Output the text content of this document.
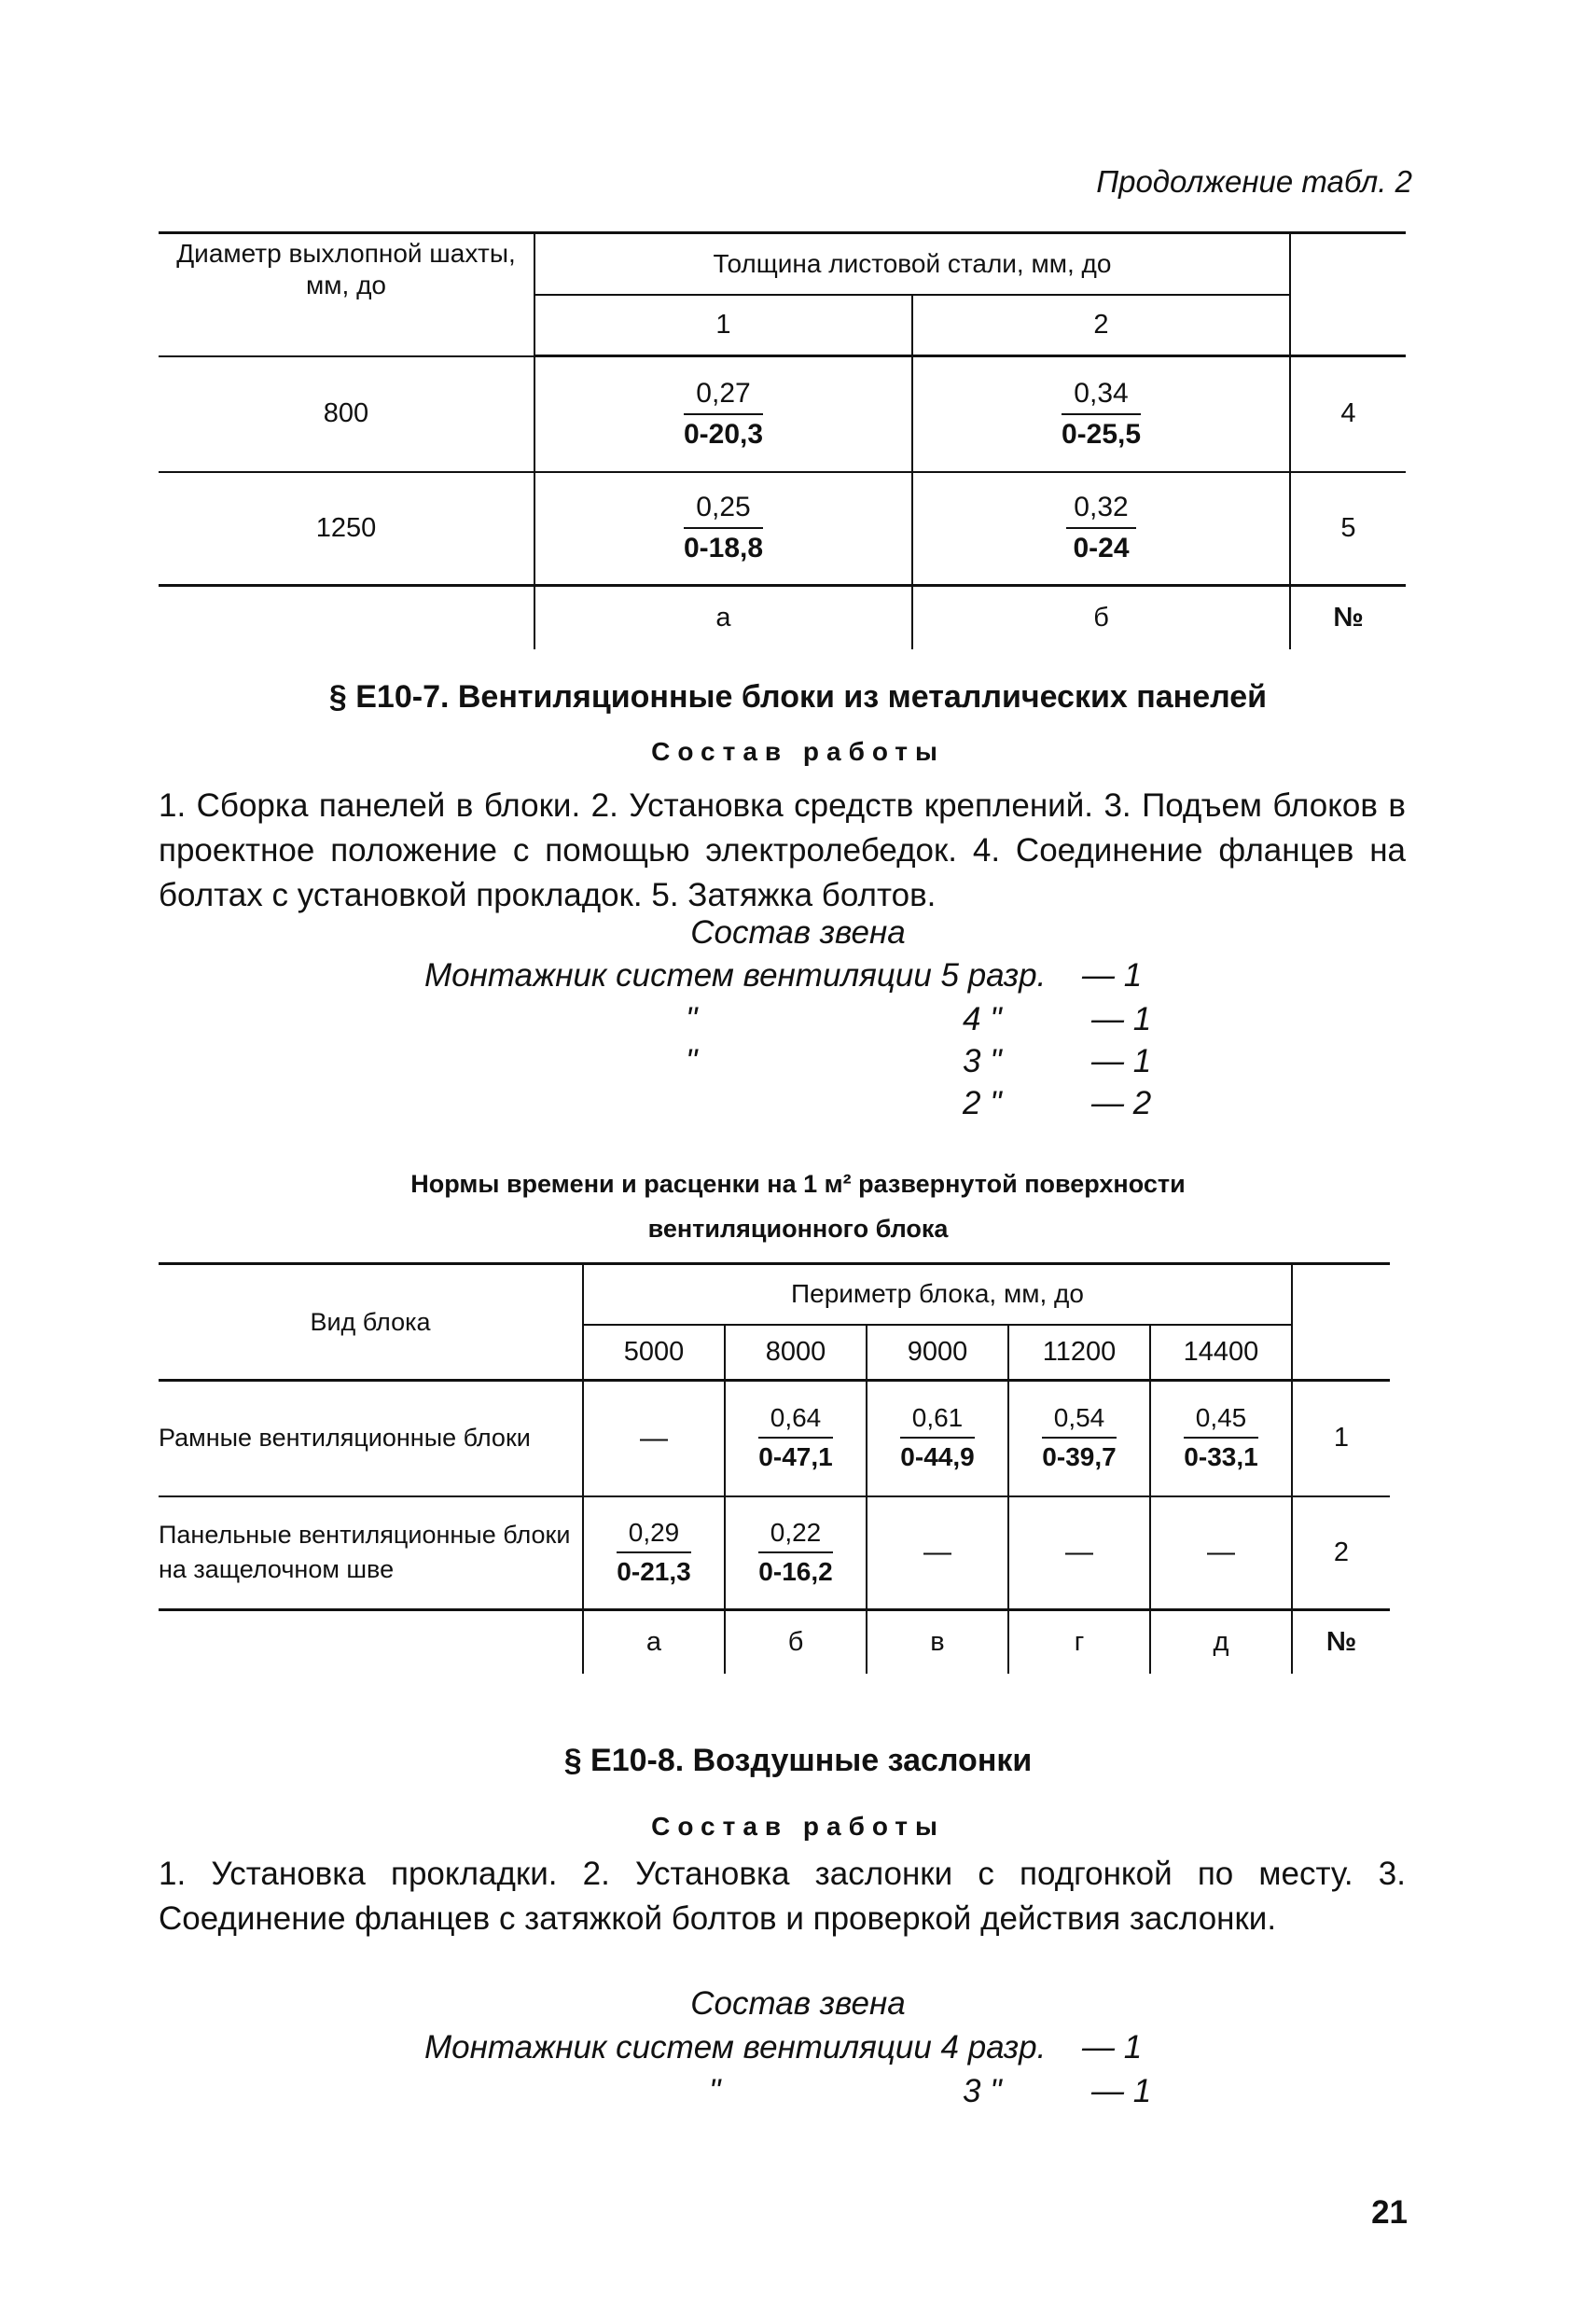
Продолжение табл. 2
Диаметр выхлопной шахты, мм, до	Толщина листовой стали, мм, до		
	1	2	
800	$\frac{0,27}{0-20,3}$	$\frac{0,34}{0-25,5}$	4
1250	$\frac{0,25}{0-18,8}$	$\frac{0,32}{0-24}$	5
	а	б	№
§ Е10-7. Вентиляционные блоки из металлических панелей
Состав работы
1. Сборка панелей в блоки. 2. Установка средств креплений. 3. Подъем блоков в проектное положение с помощью электролебедок. 4. Соединение фланцев на болтах с установкой прокладок. 5. Затяжка болтов.
Состав звена
Монтажник систем вентиляции 5 разр. — 1
"	4 "	— 1
"	3 "	— 1
2 "	— 2
Нормы времени и расценки на 1 м² развернутой поверхности
вентиляционного блока
Вид блока	Периметр блока, мм, до					
	5000	8000	9000	11200	14400	
Рамные вентиляционные блоки	—	$\frac{0,64}{0-47,1}$	$\frac{0,61}{0-44,9}$	$\frac{0,54}{0-39,7}$	$\frac{0,45}{0-33,1}$	1
Панельные вентиляционные блоки на защелочном шве	$\frac{0,29}{0-21,3}$	$\frac{0,22}{0-16,2}$	—	—	—	2
	а	б	в	г	д	№
§ Е10-8. Воздушные заслонки
Состав работы
1. Установка прокладки. 2. Установка заслонки с подгонкой по месту. 3. Соединение фланцев с затяжкой болтов и проверкой действия заслонки.
Состав звена
Монтажник систем вентиляции 4 разр. — 1
"	3 "	— 1
21
